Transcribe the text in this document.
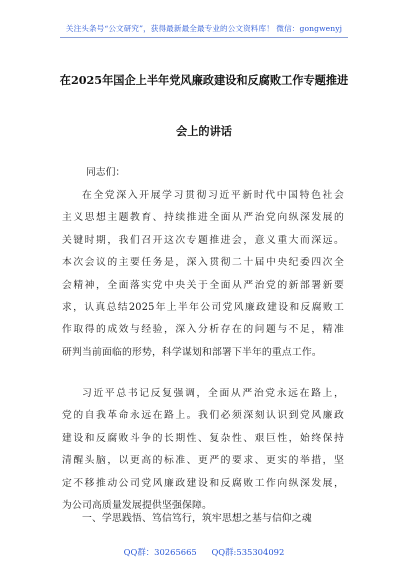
关注头条号“公文研究”，获得最新最全最专业的公文资料库！ 微信：gongwenyj
在2025年国企上半年党风廉政建设和反腐败工作专题推进
会上的讲话
同志们：

在全党深入开展学习贯彻习近平新时代中国特色社会

主义思想主题教育、持续推进全面从严治党向纵深发展的

关键时期，我们召开这次专题推进会，意义重大而深远。

本次会议的主要任务是，深入贯彻二十届中央纪委四次全

会精神，全面落实党中央关于全面从严治党的新部署新要

求，认真总结2025年上半年公司党风廉政建设和反腐败工

作取得的成效与经验，深入分析存在的问题与不足，精准

研判当前面临的形势，科学谋划和部署下半年的重点工作。

习近平总书记反复强调，全面从严治党永远在路上，

党的自我革命永远在路上。我们必须深刻认识到党风廉政

建设和反腐败斗争的长期性、复杂性、艰巨性，始终保持

清醒头脑，以更高的标准、更严的要求、更实的举措，坚

定不移推动公司党风廉政建设和反腐败工作向纵深发展，

为公司高质量发展提供坚强保障。

一、学思践悟、笃信笃行，筑牢思想之基与信仰之魂
QQ群：30265665 QQ群:535304092
